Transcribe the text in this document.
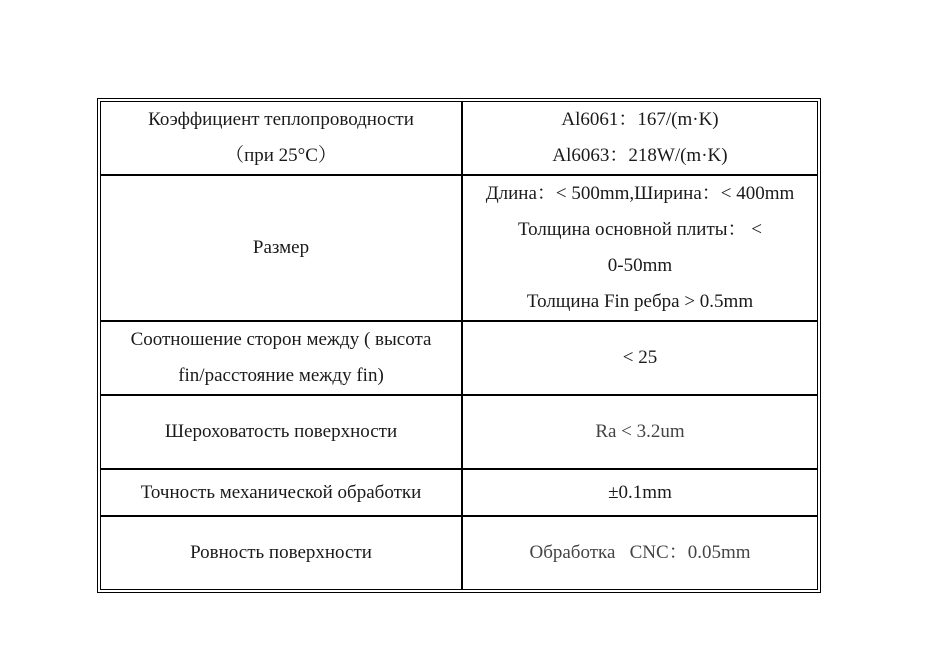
Коэффициент теплопроводности
（при 25°C）	Al6061：167/(m·K)
Al6063：218W/(m·K)

Размер	Длина：< 500mm,Ширина：< 400mm
Толщина основной плиты： <
0-50mm
Толщина Fin ребра > 0.5mm

Соотношение сторон между ( высота
fin/расстояние между fin)	< 25

Шероховатость поверхности	Ra < 3.2um

Точность механической обработки	±0.1mm

Ровность поверхности	Обработка   CNC：0.05mm
